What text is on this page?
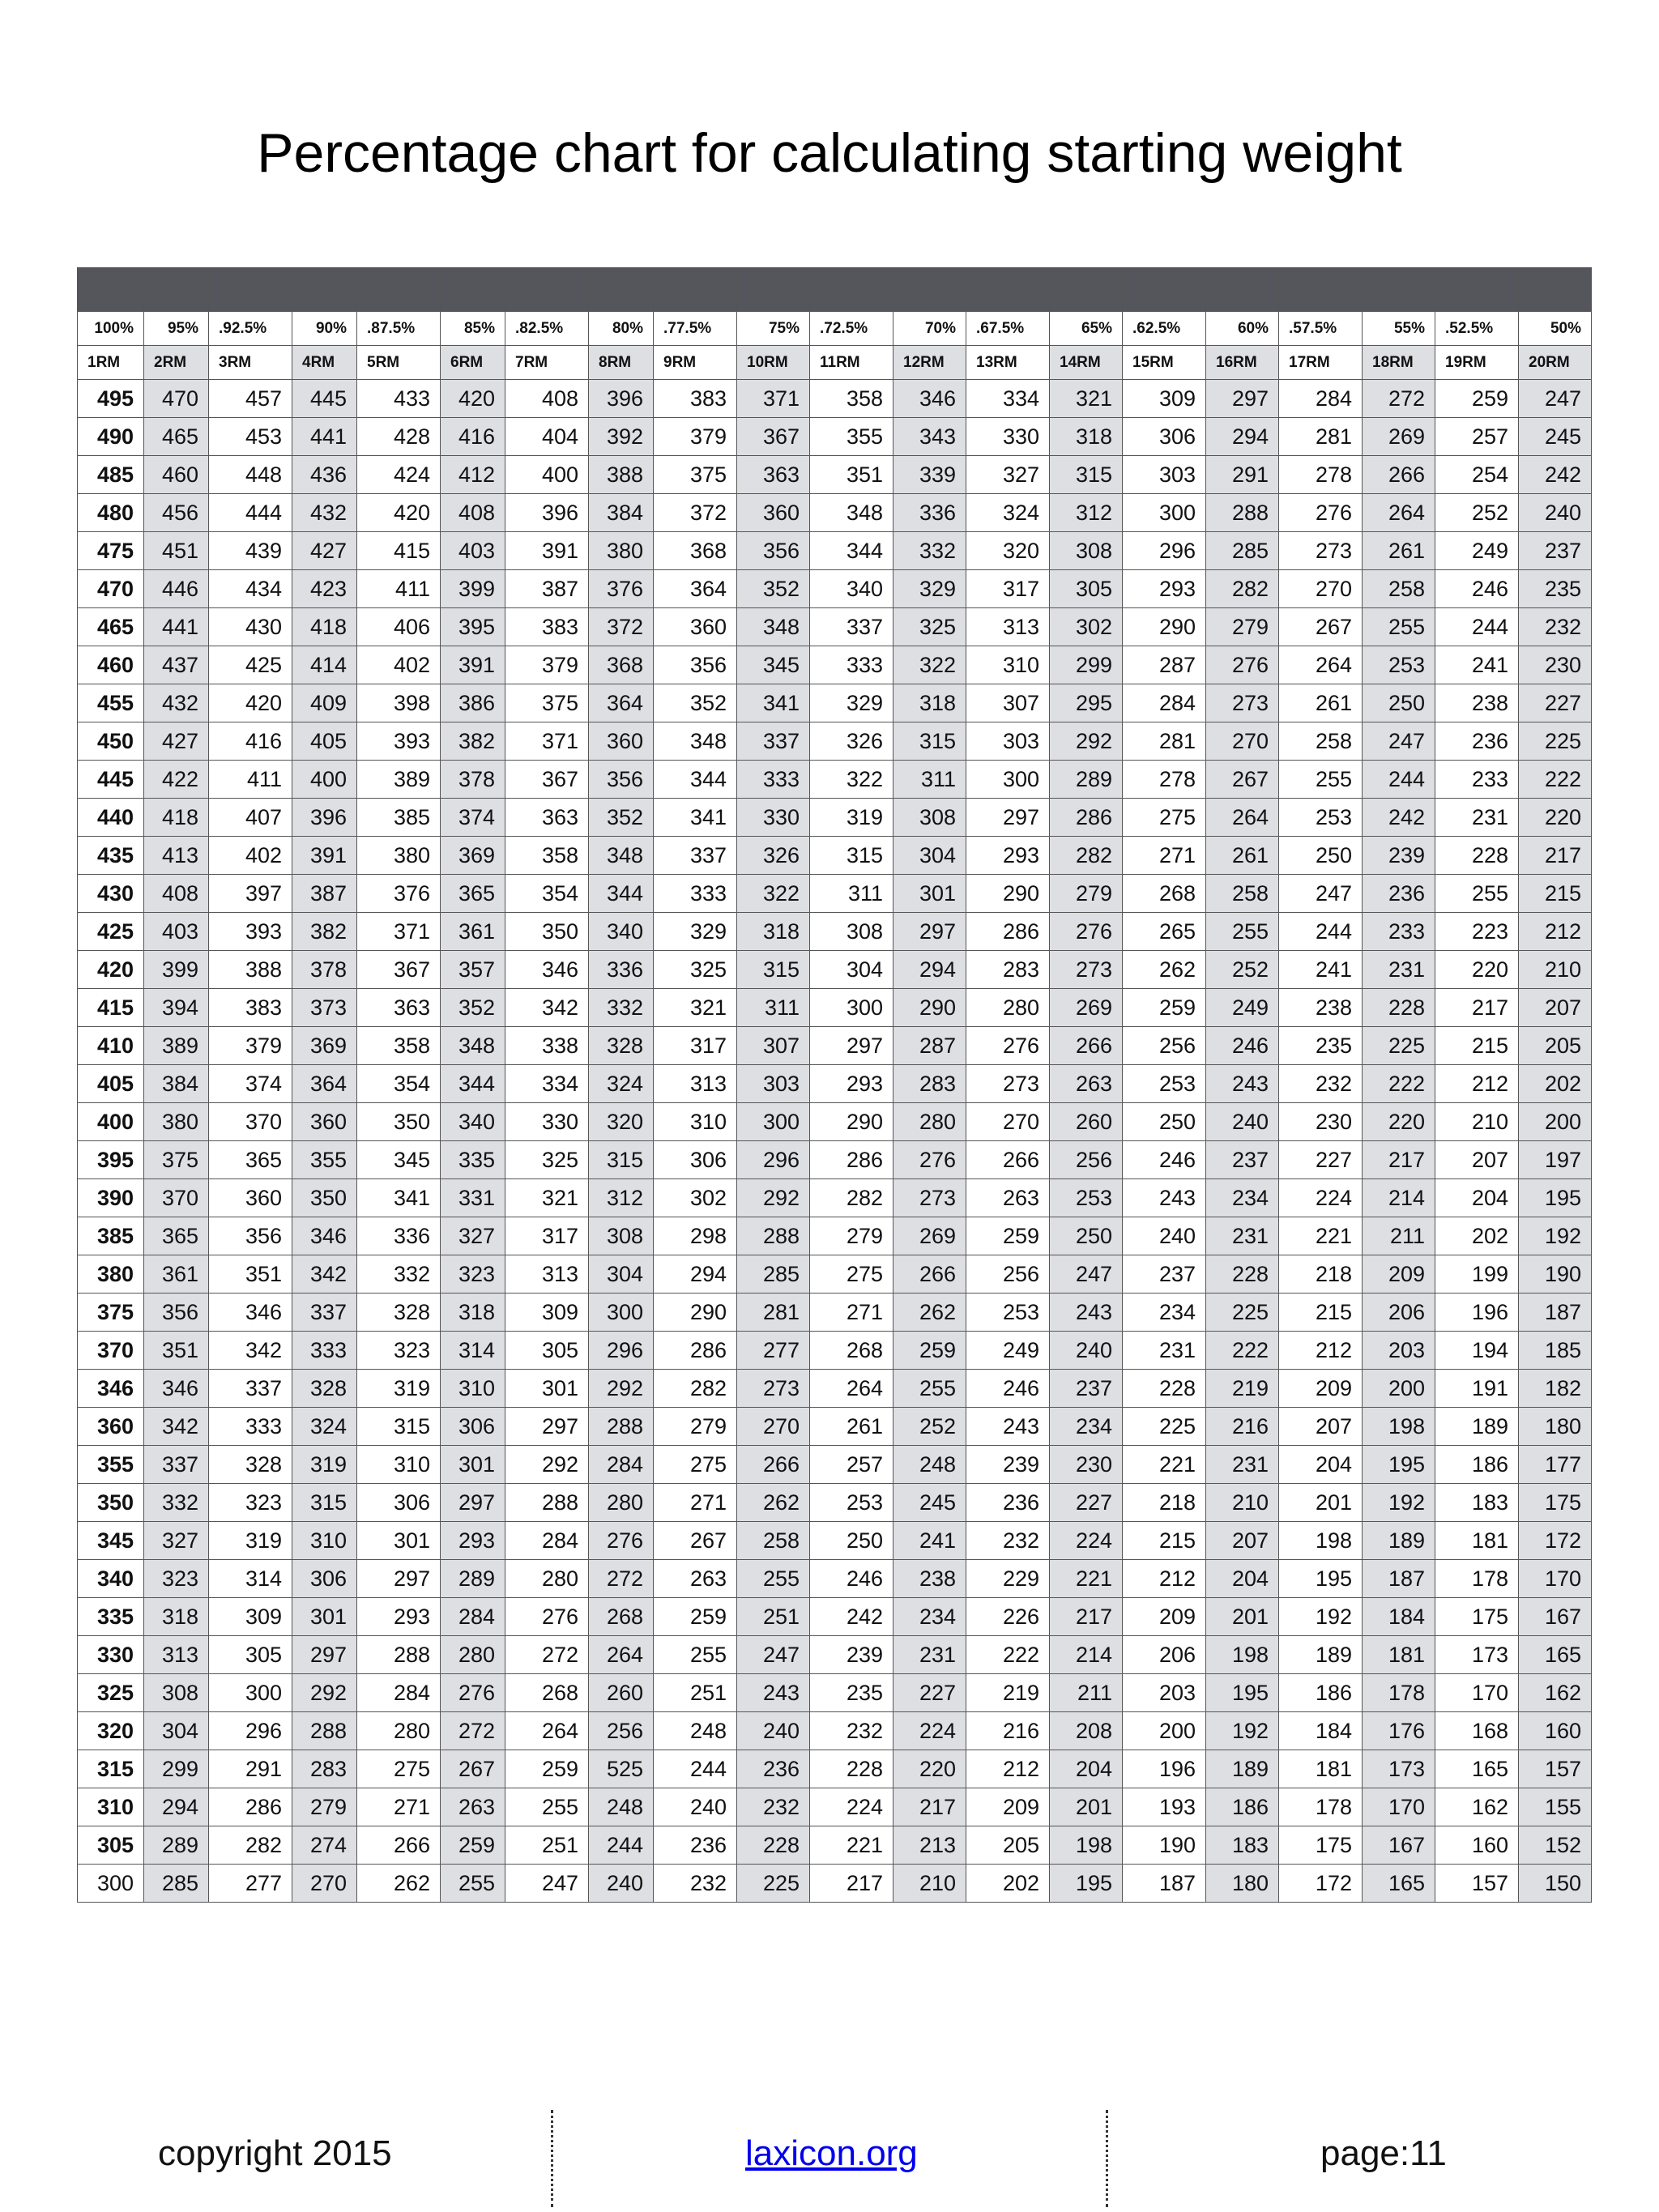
Percentage chart for calculating starting weight

100%	95%	.92.5%	90%	.87.5%	85%	.82.5%	80%	.77.5%	75%	.72.5%	70%	.67.5%	65%	.62.5%	60%	.57.5%	55%	.52.5%	50%
1RM	2RM	3RM	4RM	5RM	6RM	7RM	8RM	9RM	10RM	11RM	12RM	13RM	14RM	15RM	16RM	17RM	18RM	19RM	20RM
495	470	457	445	433	420	408	396	383	371	358	346	334	321	309	297	284	272	259	247
490	465	453	441	428	416	404	392	379	367	355	343	330	318	306	294	281	269	257	245
485	460	448	436	424	412	400	388	375	363	351	339	327	315	303	291	278	266	254	242
480	456	444	432	420	408	396	384	372	360	348	336	324	312	300	288	276	264	252	240
475	451	439	427	415	403	391	380	368	356	344	332	320	308	296	285	273	261	249	237
470	446	434	423	411	399	387	376	364	352	340	329	317	305	293	282	270	258	246	235
465	441	430	418	406	395	383	372	360	348	337	325	313	302	290	279	267	255	244	232
460	437	425	414	402	391	379	368	356	345	333	322	310	299	287	276	264	253	241	230
455	432	420	409	398	386	375	364	352	341	329	318	307	295	284	273	261	250	238	227
450	427	416	405	393	382	371	360	348	337	326	315	303	292	281	270	258	247	236	225
445	422	411	400	389	378	367	356	344	333	322	311	300	289	278	267	255	244	233	222
440	418	407	396	385	374	363	352	341	330	319	308	297	286	275	264	253	242	231	220
435	413	402	391	380	369	358	348	337	326	315	304	293	282	271	261	250	239	228	217
430	408	397	387	376	365	354	344	333	322	311	301	290	279	268	258	247	236	255	215
425	403	393	382	371	361	350	340	329	318	308	297	286	276	265	255	244	233	223	212
420	399	388	378	367	357	346	336	325	315	304	294	283	273	262	252	241	231	220	210
415	394	383	373	363	352	342	332	321	311	300	290	280	269	259	249	238	228	217	207
410	389	379	369	358	348	338	328	317	307	297	287	276	266	256	246	235	225	215	205
405	384	374	364	354	344	334	324	313	303	293	283	273	263	253	243	232	222	212	202
400	380	370	360	350	340	330	320	310	300	290	280	270	260	250	240	230	220	210	200
395	375	365	355	345	335	325	315	306	296	286	276	266	256	246	237	227	217	207	197
390	370	360	350	341	331	321	312	302	292	282	273	263	253	243	234	224	214	204	195
385	365	356	346	336	327	317	308	298	288	279	269	259	250	240	231	221	211	202	192
380	361	351	342	332	323	313	304	294	285	275	266	256	247	237	228	218	209	199	190
375	356	346	337	328	318	309	300	290	281	271	262	253	243	234	225	215	206	196	187
370	351	342	333	323	314	305	296	286	277	268	259	249	240	231	222	212	203	194	185
346	346	337	328	319	310	301	292	282	273	264	255	246	237	228	219	209	200	191	182
360	342	333	324	315	306	297	288	279	270	261	252	243	234	225	216	207	198	189	180
355	337	328	319	310	301	292	284	275	266	257	248	239	230	221	231	204	195	186	177
350	332	323	315	306	297	288	280	271	262	253	245	236	227	218	210	201	192	183	175
345	327	319	310	301	293	284	276	267	258	250	241	232	224	215	207	198	189	181	172
340	323	314	306	297	289	280	272	263	255	246	238	229	221	212	204	195	187	178	170
335	318	309	301	293	284	276	268	259	251	242	234	226	217	209	201	192	184	175	167
330	313	305	297	288	280	272	264	255	247	239	231	222	214	206	198	189	181	173	165
325	308	300	292	284	276	268	260	251	243	235	227	219	211	203	195	186	178	170	162
320	304	296	288	280	272	264	256	248	240	232	224	216	208	200	192	184	176	168	160
315	299	291	283	275	267	259	525	244	236	228	220	212	204	196	189	181	173	165	157
310	294	286	279	271	263	255	248	240	232	224	217	209	201	193	186	178	170	162	155
305	289	282	274	266	259	251	244	236	228	221	213	205	198	190	183	175	167	160	152
300	285	277	270	262	255	247	240	232	225	217	210	202	195	187	180	172	165	157	150
copyright 2015	laxicon.org	page:11
